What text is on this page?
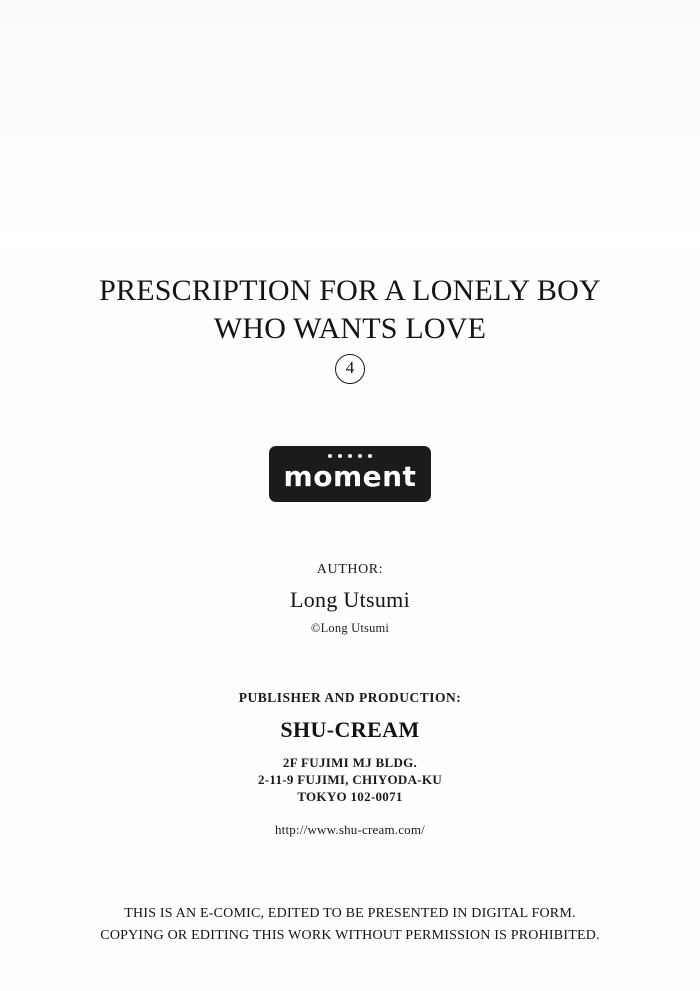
PRESCRIPTION FOR A LONELY BOY
WHO WANTS LOVE
4
moment
AUTHOR:
Long Utsumi
©Long Utsumi
PUBLISHER AND PRODUCTION:
SHU-CREAM
2F FUJIMI MJ BLDG.
2-11-9 FUJIMI, CHIYODA-KU
TOKYO 102-0071
http://www.shu-cream.com/
THIS IS AN E-COMIC, EDITED TO BE PRESENTED IN DIGITAL FORM.
COPYING OR EDITING THIS WORK WITHOUT PERMISSION IS PROHIBITED.
